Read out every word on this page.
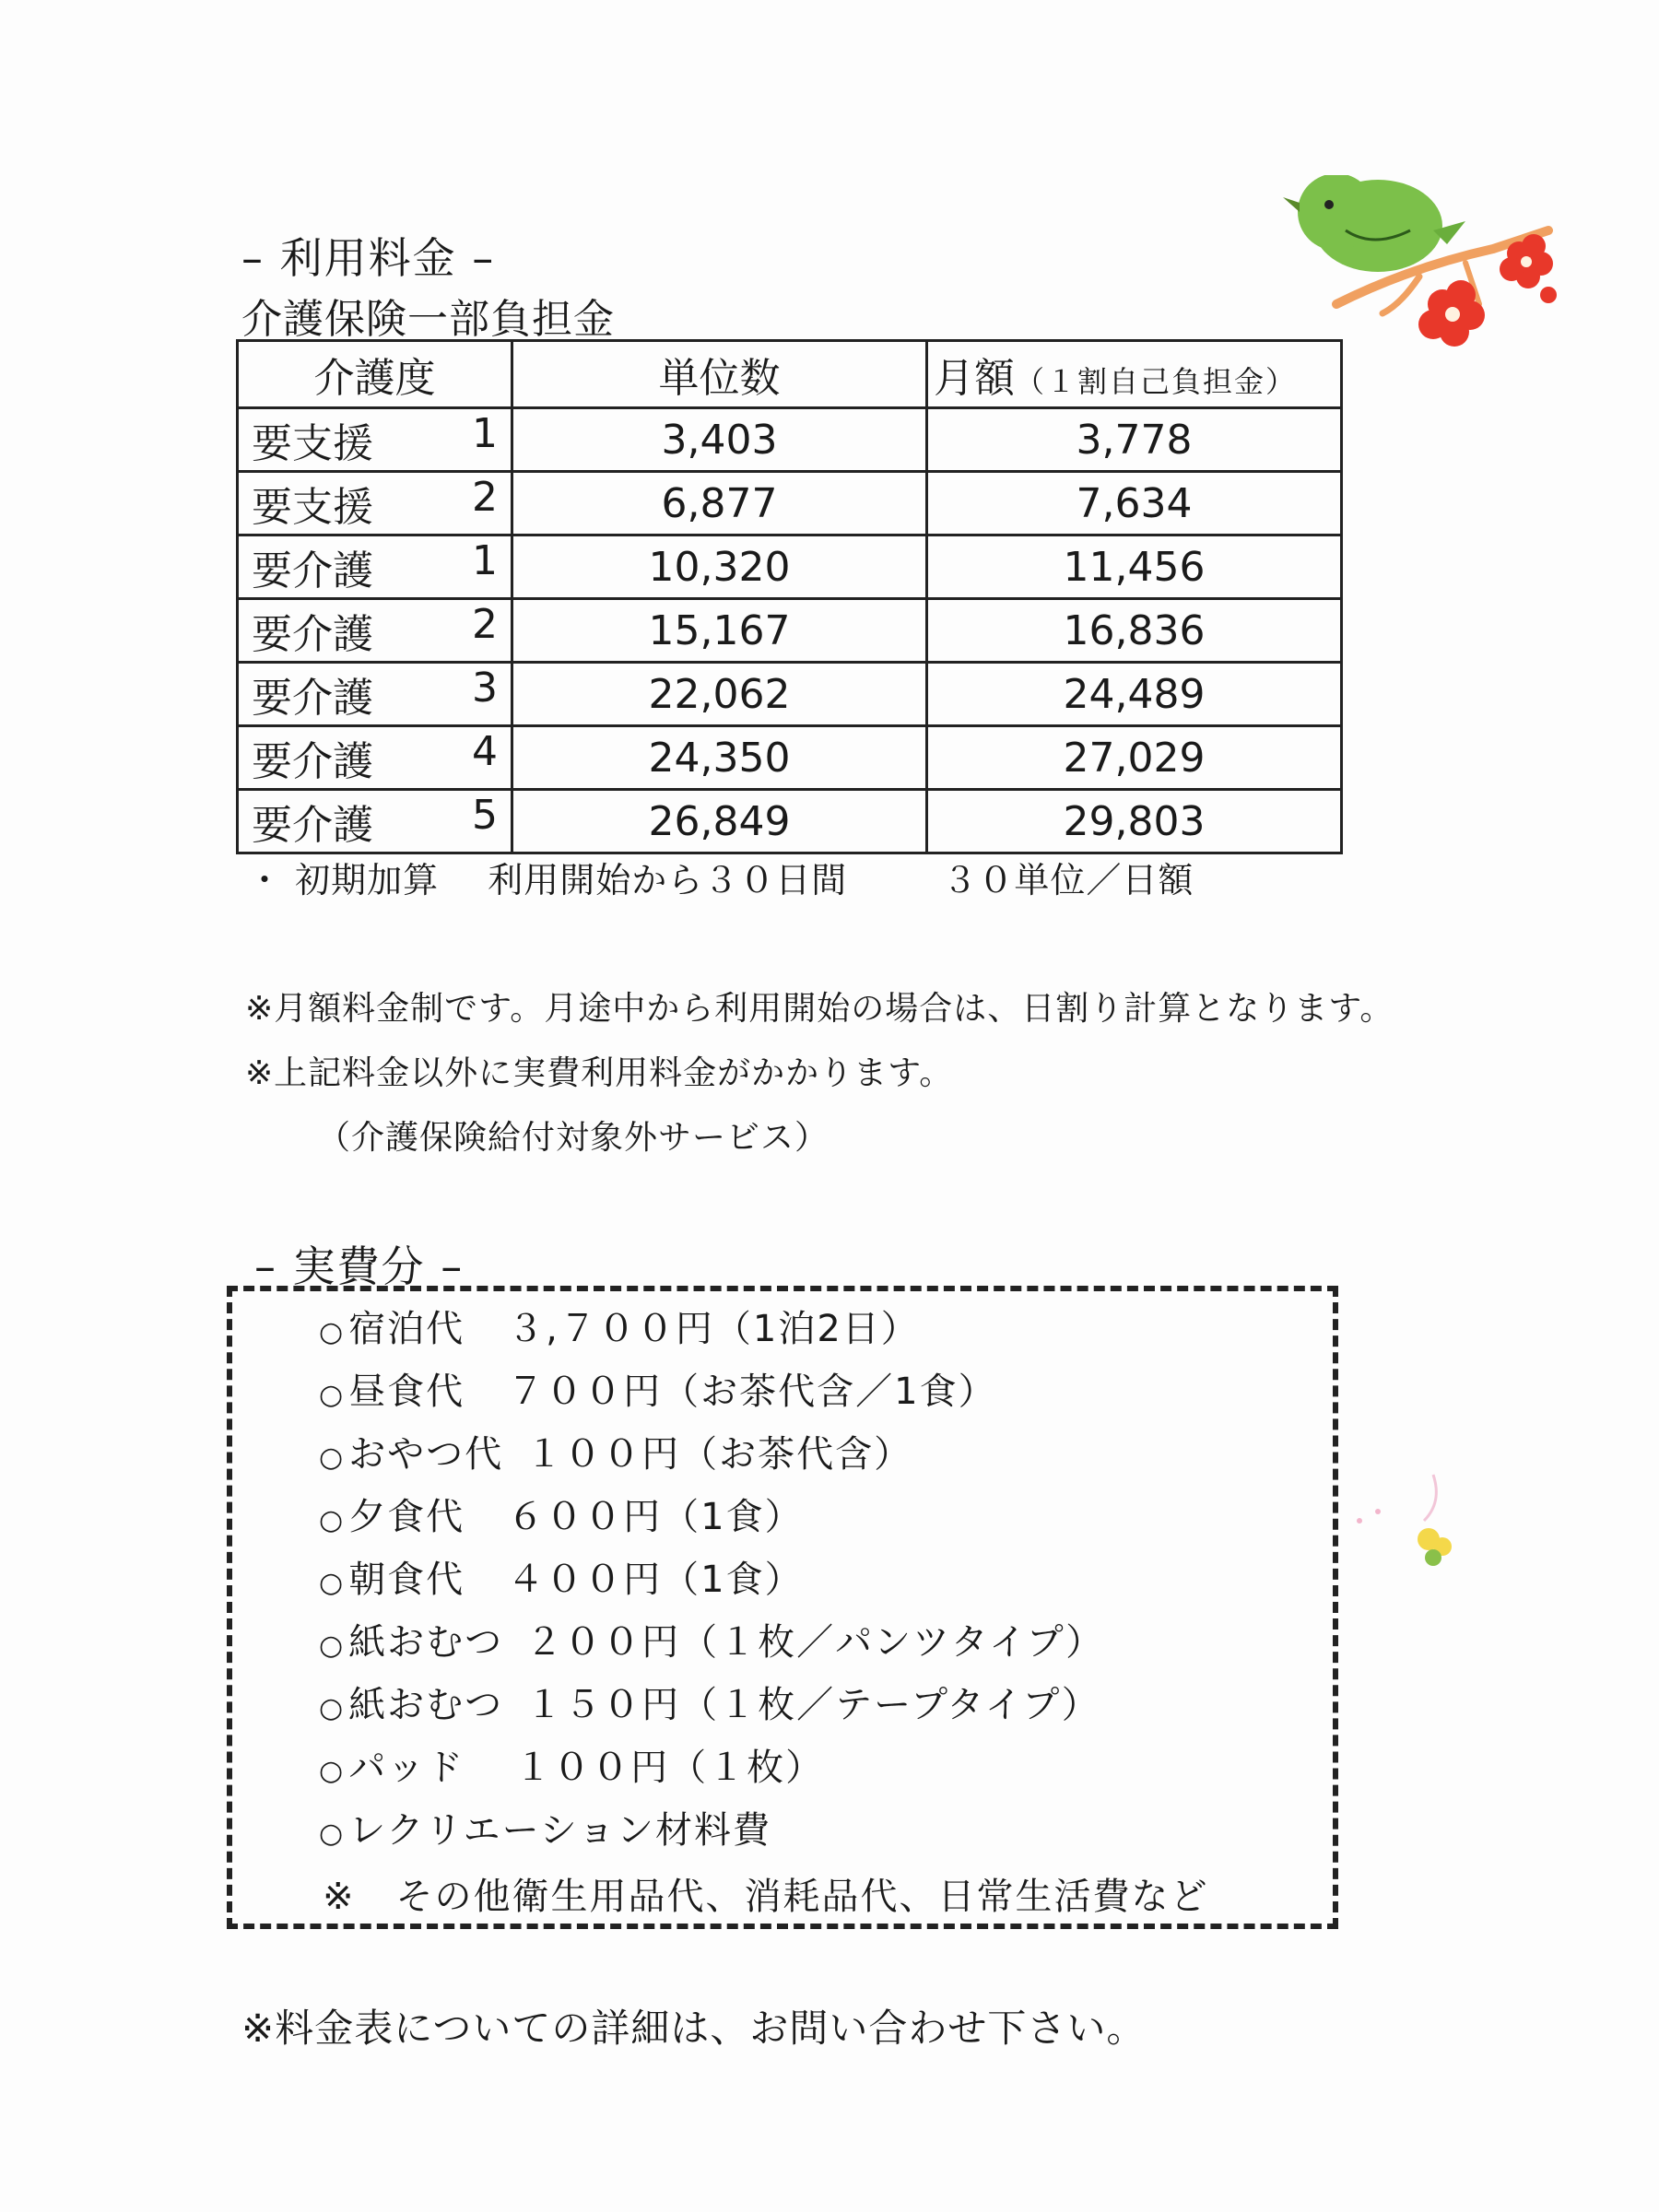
– 利用料金 –
介護保険一部負担金
介護度	単位数	月額（１割自己負担金）

要支援 1	3,403	3,778

要支援 2	6,877	7,634

要介護 1	10,320	11,456

要介護 2	15,167	16,836

要介護 3	22,062	24,489

要介護 4	24,350	27,029

要介護 5	26,849	29,803
・ 初期加算 利用開始から３０日間	３０単位／日額
※月額料金制です。月途中から利用開始の場合は、日割り計算となります。
※上記料金以外に実費利用料金がかかります。
（介護保険給付対象外サービス）
– 実費分 –
○ 宿泊代 ３,７００円（1泊2日）
○ 昼食代 ７００円（お茶代含／1食）
○ おやつ代 １００円（お茶代含）
○ 夕食代 ６００円（1食）
○ 朝食代 ４００円（1食）
○ 紙おむつ ２００円（１枚／パンツタイプ）
○ 紙おむつ １５０円（１枚／テープタイプ）
○ パッド １００円（１枚）
○ レクリエーション材料費
※ その他衛生用品代、消耗品代、日常生活費など
※料金表についての詳細は、お問い合わせ下さい。
